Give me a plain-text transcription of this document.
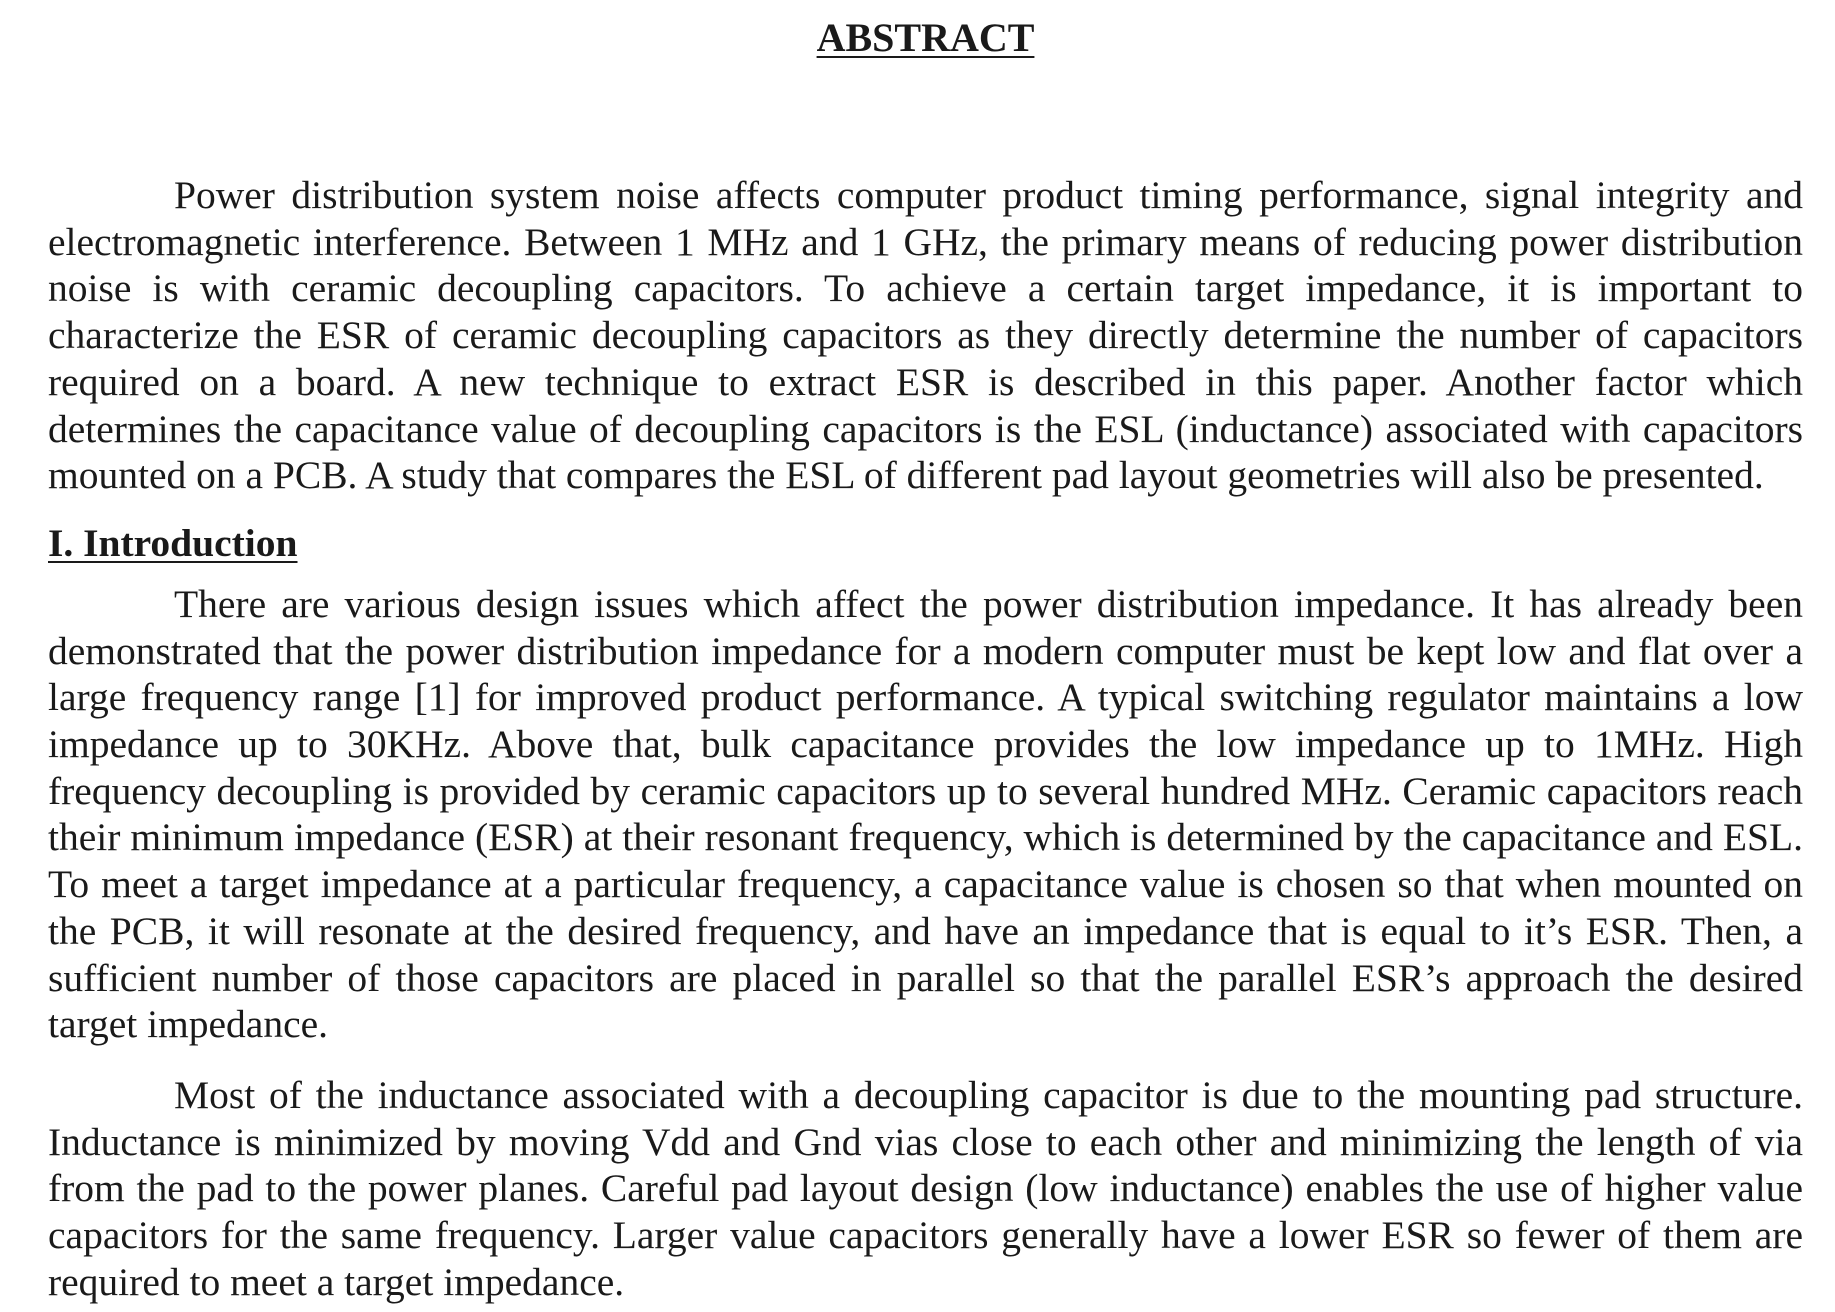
ABSTRACT

Power distribution system noise affects computer product timing performance, signal integrity and electromagnetic interference. Between 1 MHz and 1 GHz, the primary means of reducing power distribution noise is with ceramic decoupling capacitors. To achieve a certain target impedance, it is important to characterize the ESR of ceramic decoupling capacitors as they directly determine the number of capacitors required on a board. A new technique to extract ESR is described in this paper. Another factor which determines the capacitance value of decoupling capacitors is the ESL (inductance) associated with capacitors mounted on a PCB. A study that compares the ESL of different pad layout geometries will also be presented.

I. Introduction

There are various design issues which affect the power distribution impedance. It has already been demonstrated that the power distribution impedance for a modern computer must be kept low and flat over a large frequency range [1] for improved product performance. A typical switching regulator maintains a low impedance up to 30KHz. Above that, bulk capacitance provides the low impedance up to 1MHz. High frequency decoupling is provided by ceramic capacitors up to several hundred MHz. Ceramic capacitors reach their minimum impedance (ESR) at their resonant frequency, which is determined by the capacitance and ESL. To meet a target impedance at a particular frequency, a capacitance value is chosen so that when mounted on the PCB, it will resonate at the desired frequency, and have an impedance that is equal to it’s ESR. Then, a sufficient number of those capacitors are placed in parallel so that the parallel ESR’s approach the desired target impedance.

Most of the inductance associated with a decoupling capacitor is due to the mounting pad structure. Inductance is minimized by moving Vdd and Gnd vias close to each other and minimizing the length of via from the pad to the power planes. Careful pad layout design (low inductance) enables the use of higher value capacitors for the same frequency. Larger value capacitors generally have a lower ESR so fewer of them are required to meet a target impedance.
